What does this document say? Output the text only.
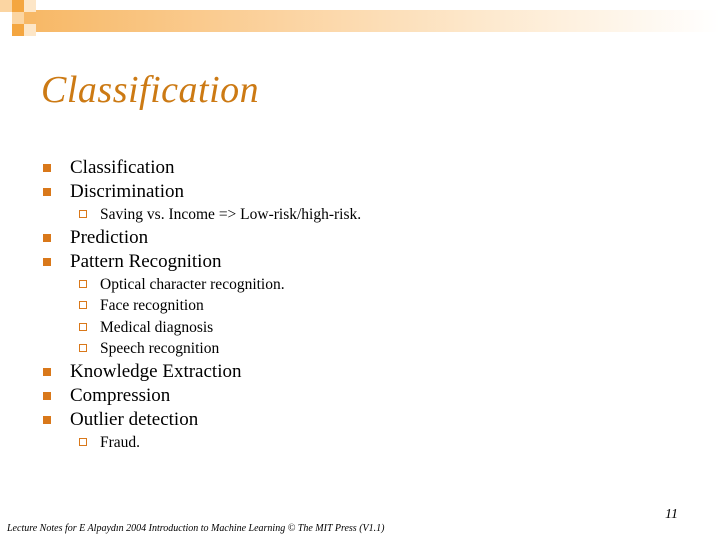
Classification
Classification
Discrimination
Saving vs. Income => Low-risk/high-risk.
Prediction
Pattern Recognition
Optical character recognition.
Face recognition
Medical diagnosis
Speech recognition
Knowledge Extraction
Compression
Outlier detection
Fraud.
11
Lecture Notes for E Alpaydın 2004 Introduction to Machine Learning © The MIT Press (V1.1)
